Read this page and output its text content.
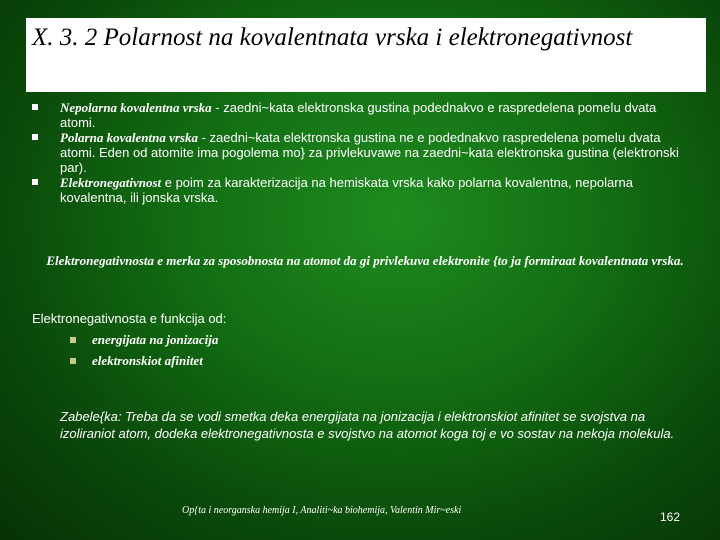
X. 3. 2 Polarnost na kovalentnata vrska i elektronegativnost
Nepolarna kovalentna vrska - zaedni~kata elektronska gustina podednakvo e raspredelena pomeǀu dvata atomi.
Polarna kovalentna vrska - zaedni~kata elektronska gustina ne e podednakvo raspredelena pomeǀu dvata atomi. Eden od atomite ima pogolema mo} za privlekuvawe na zaedni~kata elektronska gustina (elektronski par).
Elektronegativnost e poim za karakterizacija na hemiskata vrska kako polarna kovalentna, nepolarna kovalentna, ili jonska vrska.
Elektronegativnosta e merka za sposobnosta na atomot da gi privlekuva elektronite {to ja formiraat kovalentnata vrska.
Elektronegativnosta e funkcija od:
energijata na jonizacija
elektronskiot afinitet
Zabele{ka: Treba da se vodi smetka deka energijata na jonizacija i elektronskiot afinitet se svojstva na izoliraniot atom, dodeka elektronegativnosta e svojstvo na atomot koga toj e vo sostav na nekoja molekula.
Op{ta i neorganska hemija I, Analiti~ka biohemija, Valentin Mir~eski	162
